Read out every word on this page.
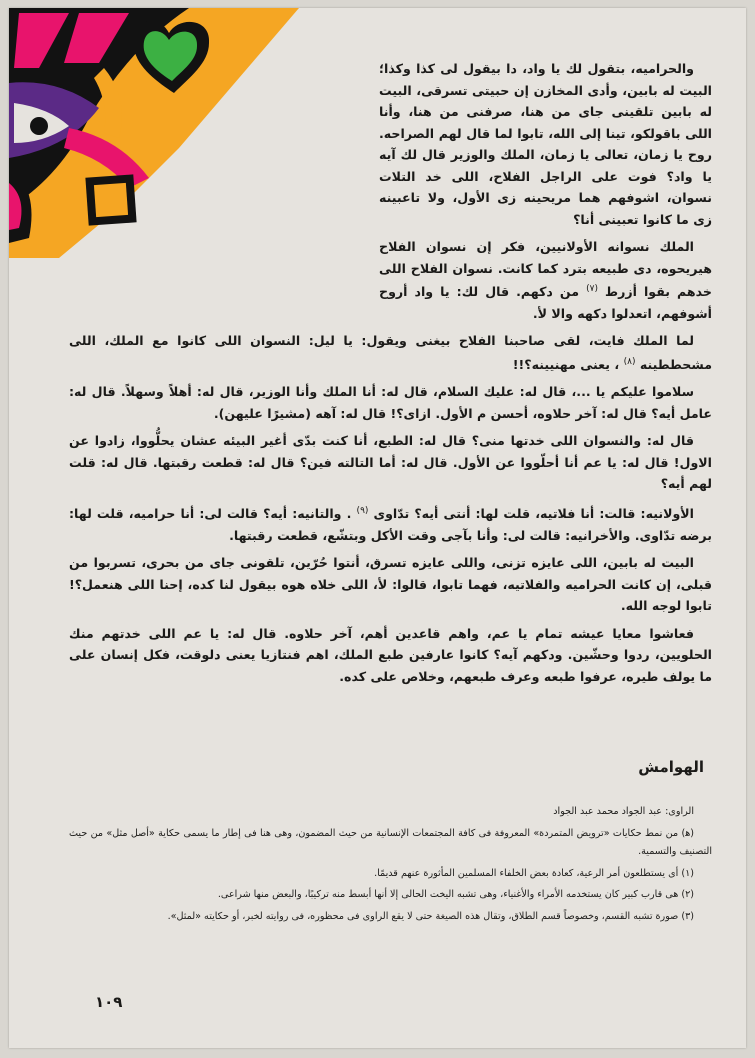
والحراميه، بتقول لك يا واد، دا بيقول لى كذا وكذا؛ البيت له بابين، وأدى المخازن إن حبيتى تسرقى، البيت له بابين تلقينى جاى من هنا، صرفنى من هنا، وأنا اللى باقولكو، تينا إلى الله، تابوا لما قال لهم الصراحه. روح يا زمان، تعالى يا زمان، الملك والوزير قال لك آيه يا واد؟ فوت على الراجل الفلاح، اللى خد التلات نسوان، اشوفهم هما مريحينه زى الأول، ولا تاعبينه زى ما كانوا تعبينى أنا؟

الملك نسوانه الأولانيين، فكر إن نسوان الفلاح هيريحوه، دى طبيعه بترد كما كانت. نسوان الفلاح اللى خدهم بقوا أزرط $^{(٧)}$ من دكهم. قال لك: يا واد أروح أشوفهم، اتعدلوا دكهه والا لأ.

لما الملك فايت، لقى صاحبنا الفلاح بيغنى ويقول: يا ليل: النسوان اللى كانوا مع الملك، اللى مشحططينه $^{(٨)}$ ، يعنى مهنيينه؟!!

سلاموا عليكم يا ...، قال له: عليك السلام، قال له: أنا الملك وأنا الوزير، قال له: أهلاً وسهلاً. قال له: عامل أيه؟ قال له: آخر حلاوه، أحسن م الأول. ازاى؟! قال له: آهه (مشيرًا عليهن).

قال له: والنسوان اللى خدتها منى؟ قال له: الطبع، أنا كنت بدّى أغير البيئه عشان يحلُّووا، زادوا عن الاول! قال له: يا عم أنا أحلّووا عن الأول. قال له: أما التالته فين؟ قال له: قطعت رقبتها. قال له: قلت لهم أيه؟

الأولانيه: قالت: أنا فلاتيه، قلت لها: أنتى أيه؟ تدّاوى $^{(٩)}$ . والتانيه: أيه؟ قالت لى: أنا حراميه، قلت لها: برضه تدّاوى. والأخرانيه: قالت لى: وأنا بآجى وقت الأكل وبتشّع، قطعت رقبتها.

البيت له بابين، اللى عايزه تزنى، واللى عايزه تسرق، أنتوا حُرّين، تلقونى جاى من بحرى، تسربوا من قبلى، إن كانت الحراميه والفلاتيه، فهما تابوا، قالوا: لأ، اللى خلاه هوه بيقول لنا كده، إحنا اللى هنعمل؟! تابوا لوجه الله.

فعاشوا معايا عيشه تمام يا عم، واهم قاعدين أهم، آخر حلاوه. قال له: يا عم اللى خدتهم منك الحلويين، ردوا وحشّين. ودكهم آيه؟ كانوا عارفين طبع الملك، اهم فنتازيا يعنى دلوقت، فكل إنسان على ما يولف طيره، عرفوا طبعه وعرف طبعهم، وخلاص على كده.

الهوامش

الراوى: عبد الجواد محمد عبد الجواد

(ﻫ) من نمط حكايات «ترويض المتمردة» المعروفة فى كافة المجتمعات الإنسانية من حيث المضمون، وهى هنا فى إطار ما يسمى حكاية «أصل مثل» من حيث التصنيف والتسمية.

(١) أى يستطلعون أمر الرعية، كعادة بعض الخلفاء المسلمين المأثورة عنهم قديمًا.

(٢) هى قارب كبير كان يستخدمه الأمراء والأغنياء، وهى تشبه اليخت الحالى إلا أنها أبسط منه تركيبًا، والبعض منها شراعى.

(٣) صورة تشبه القسم، وخصوصاً قسم الطلاق، وتقال هذه الصيغة حتى لا يقع الراوى فى محظوره، فى روايته لخبر، أو حكايته «لمثل».

١٠٩
